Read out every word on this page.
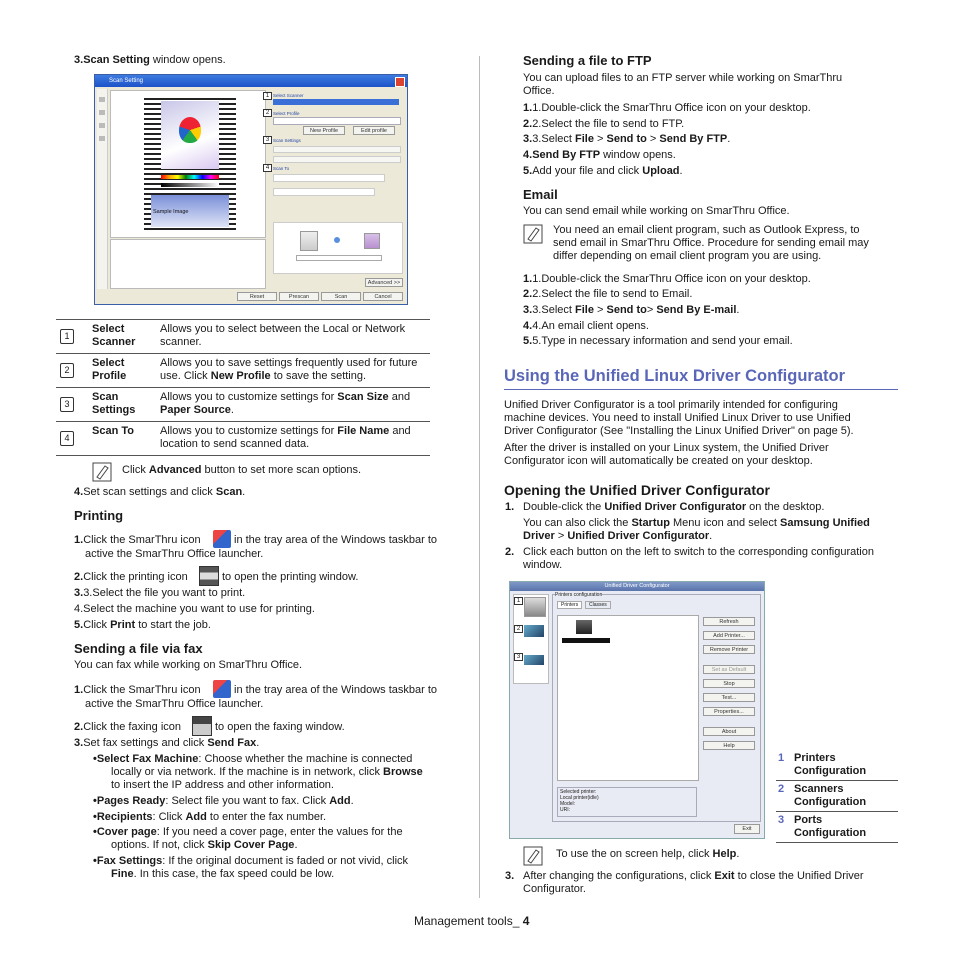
3.Scan Setting window opens.
Scan Setting
Sample Image
1 Select Scanner
2 Select Profile
New Profile	Edit profile
3 Scan Settings
4 Scan To
Advanced >>
Reset	Prescan	Scan	Cancel
1	Select Scanner	Allows you to select between the Local or Network scanner.
2	Select Profile	Allows you to save settings frequently used for future use. Click New Profile to save the setting.
3	Scan Settings	Allows you to customize settings for Scan Size and Paper Source.
4	Scan To	Allows you to customize settings for File Name and location to send scanned data.
Click Advanced button to set more scan options.
4.Set scan settings and click Scan.
Printing
1.Click the SmarThru icon	in the tray area of the Windows taskbar to
active the SmarThru Office launcher.
2.Click the printing icon	to open the printing window.
3.3.Select the file you want to print.
4.Select the machine you want to use for printing.
5.Click Print to start the job.
Sending a file via fax
You can fax while working on SmarThru Office.
1.Click the SmarThru icon	in the tray area of the Windows taskbar to
active the SmarThru Office launcher.
2.Click the faxing icon	to open the faxing window.
3.Set fax settings and click Send Fax.
•Select Fax Machine: Choose whether the machine is connected
locally or via network. If the machine is in network, click Browse
to insert the IP address and other information.
•Pages Ready: Select file you want to fax. Click Add.
•Recipients: Click Add to enter the fax number.
•Cover page: If you need a cover page, enter the values for the
options. If not, click Skip Cover Page.
•Fax Settings: If the original document is faded or not vivid, click
Fine. In this case, the fax speed could be low.
Sending a file to FTP
You can upload files to an FTP server while working on SmarThru
Office.
1.1.Double-click the SmarThru Office icon on your desktop.
2.2.Select the file to send to FTP.
3.3.Select File > Send to > Send By FTP.
4.Send By FTP window opens.
5.Add your file and click Upload.
Email
You can send email while working on SmarThru Office.
You need an email client program, such as Outlook Express, to
send email in SmarThru Office. Procedure for sending email may
differ depending on email client program you are using.
1.1.Double-click the SmarThru Office icon on your desktop.
2.2.Select the file to send to Email.
3.3.Select File > Send to> Send By E-mail.
4.4.An email client opens.
5.5.Type in necessary information and send your email.
Using the Unified Linux Driver Configurator
Unified Driver Configurator is a tool primarily intended for configuring
machine devices. You need to install Unified Linux Driver to use Unified
Driver Configurator (See "Installing the Linux Unified Driver" on page 5).
After the driver is installed on your Linux system, the Unified Driver
Configurator icon will automatically be created on your desktop.
Opening the Unified Driver Configurator
1. Double-click the Unified Driver Configurator on the desktop.
You can also click the Startup Menu icon and select Samsung Unified
Driver > Unified Driver Configurator.
2. Click each button on the left to switch to the corresponding configuration
window.
Unified Driver Configurator
1
2
3
Printers configuration
Printers	Classes
Refresh
Add Printer...
Remove Printer
Set as Default
Stop
Test...
Properties...
About
Help
Selected printer:
Local printer(idle)
Model:
URI:
Exit
1	Printers Configuration
2	Scanners Configuration
3	Ports Configuration
To use the on screen help, click Help.
3. After changing the configurations, click Exit to close the Unified Driver
Configurator.
Management tools_ 4
